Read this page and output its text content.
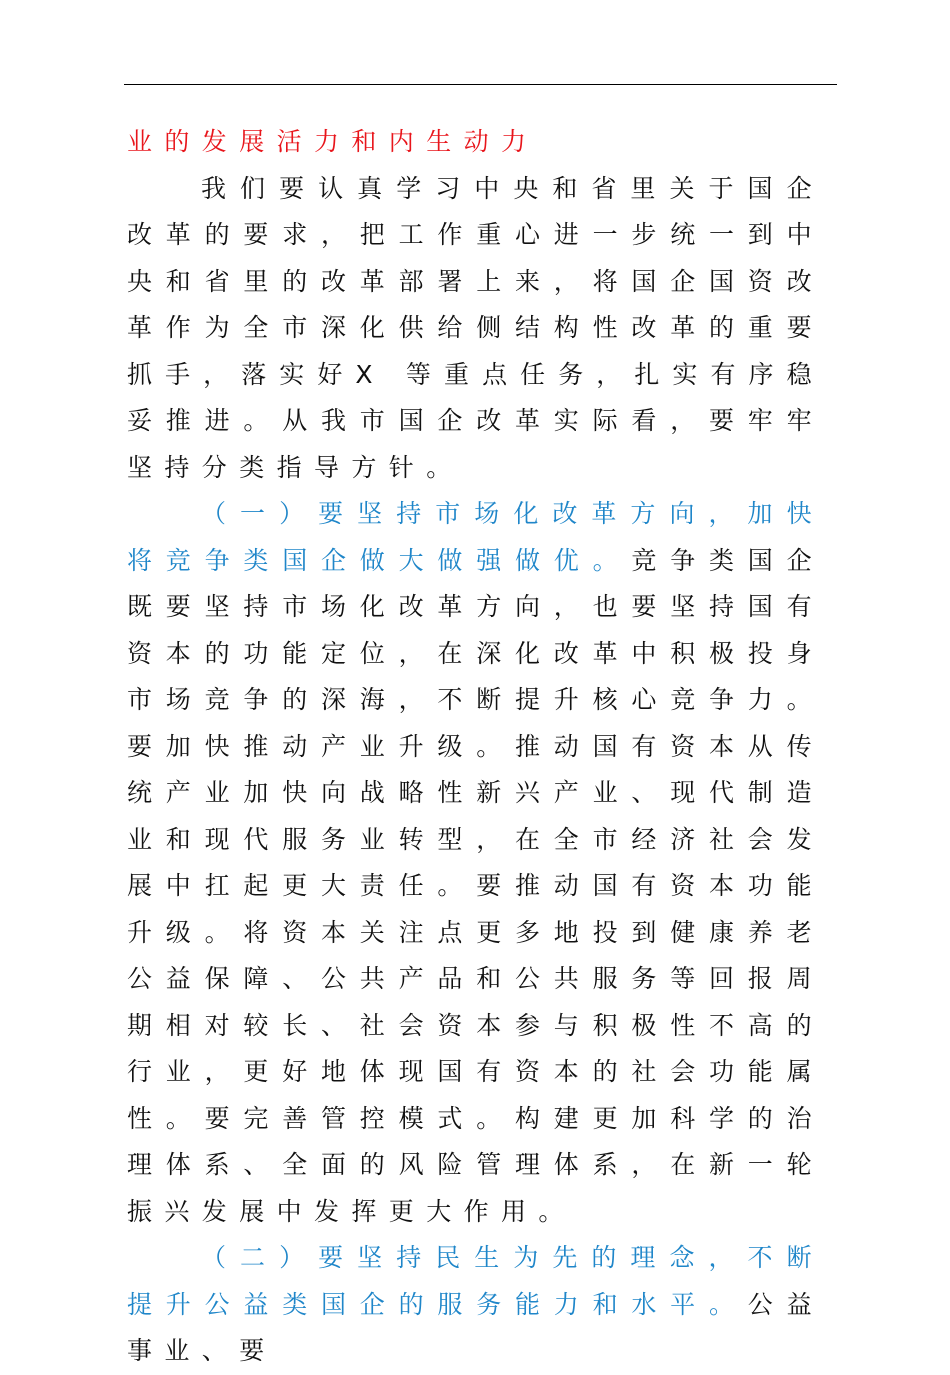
业的发展活力和内生动力

我们要认真学习中央和省里关于国企改革的要求，把工作重心进一步统一到中央和省里的改革部署上来，将国企国资改革作为全市深化供给侧结构性改革的重要抓手，落实好X 等重点任务，扎实有序稳妥推进。从我市国企改革实际看，要牢牢坚持分类指导方针。

（一）要坚持市场化改革方向，加快将竞争类国企做大做强做优。竞争类国企既要坚持市场化改革方向，也要坚持国有资本的功能定位，在深化改革中积极投身市场竞争的深海，不断提升核心竞争力。要加快推动产业升级。推动国有资本从传统产业加快向战略性新兴产业、现代制造业和现代服务业转型，在全市经济社会发展中扛起更大责任。要推动国有资本功能升级。将资本关注点更多地投到健康养老公益保障、公共产品和公共服务等回报周期相对较长、社会资本参与积极性不高的行业，更好地体现国有资本的社会功能属性。要完善管控模式。构建更加科学的治理体系、全面的风险管理体系，在新一轮振兴发展中发挥更大作用。

（二）要坚持民生为先的理念，不断提升公益类国企的服务能力和水平。公益事业、要
